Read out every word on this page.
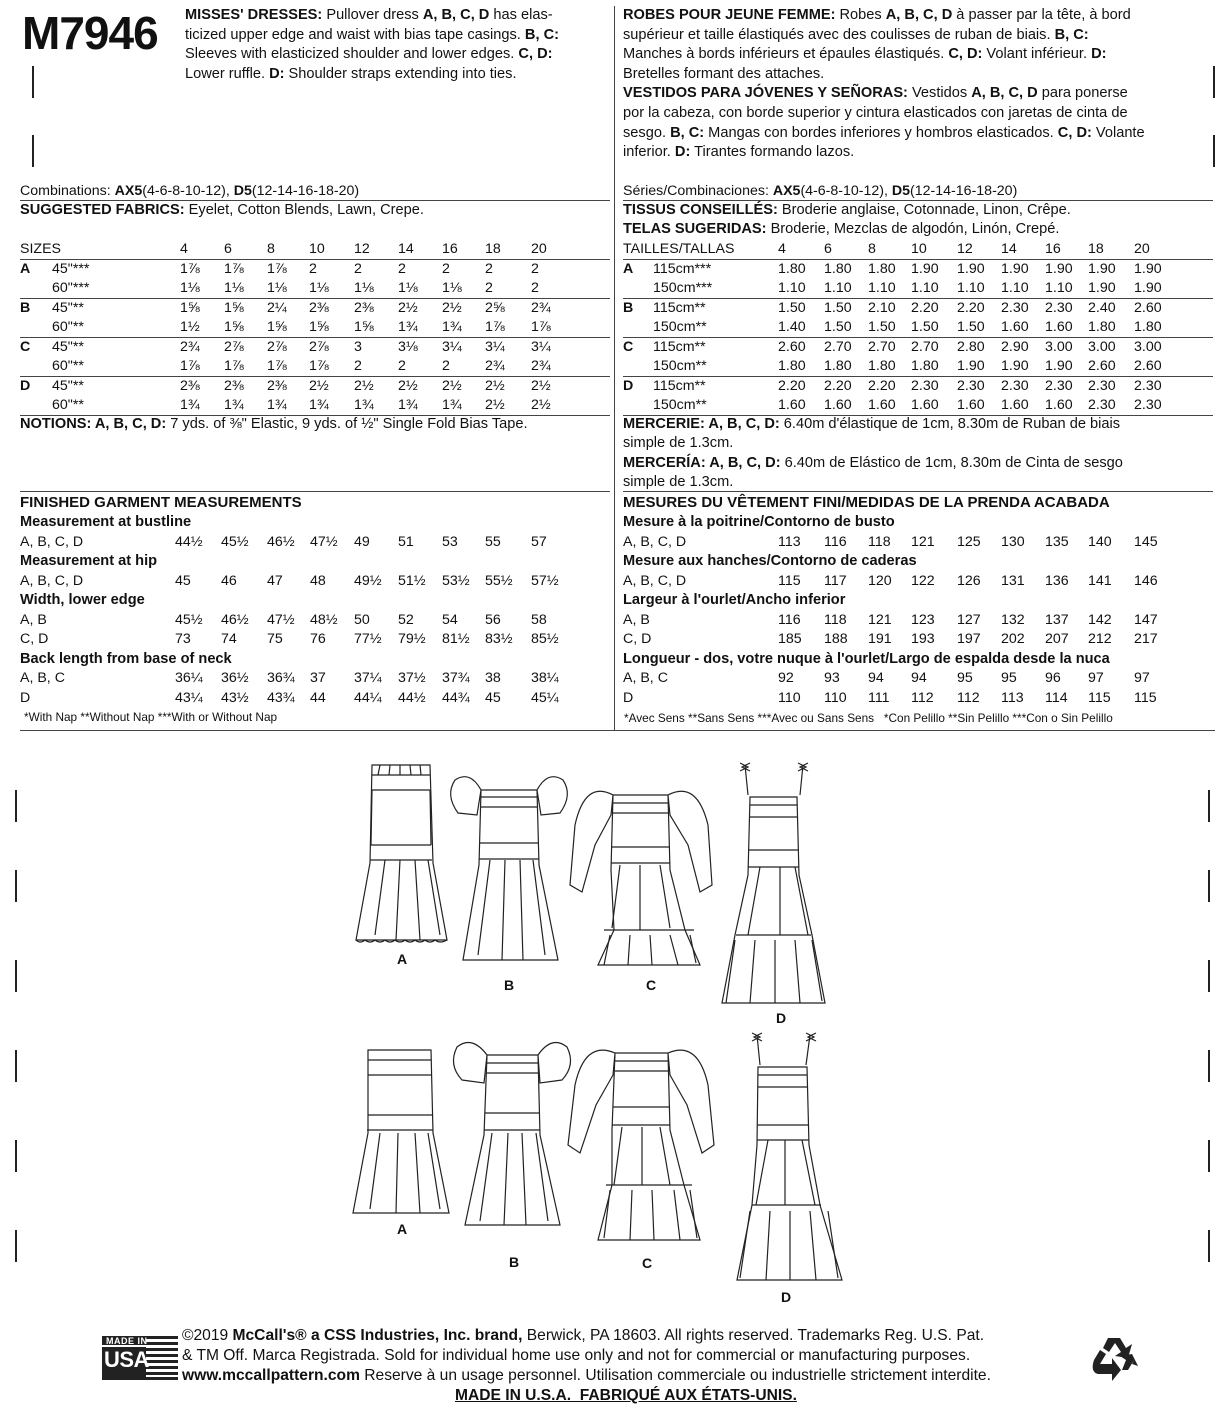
M7946 MISSES' DRESSES: Pullover dress A, B, C, D has elas-
ticized upper edge and waist with bias tape casings. B, C:
Sleeves with elasticized shoulder and lower edges. C, D:
Lower ruffle. D: Shoulder straps extending into ties.
ROBES POUR JEUNE FEMME: Robes A, B, C, D à passer par la tête, à bord
supérieur et taille élastiqués avec des coulisses de ruban de biais. B, C:
Manches à bords inférieurs et épaules élastiqués. C, D: Volant inférieur. D:
Bretelles formant des attaches.
VESTIDOS PARA JÓVENES Y SEÑORAS: Vestidos A, B, C, D para ponerse
por la cabeza, con borde superior y cintura elasticados con jaretas de cinta de
sesgo. B, C: Mangas con bordes inferiores y hombros elasticados. C, D: Volante
inferior. D: Tirantes formando lazos.
Combinations: AX5(4-6-8-10-12), D5(12-14-16-18-20)
SUGGESTED FABRICS: Eyelet, Cotton Blends, Lawn, Crepe.
Séries/Combinaciones: AX5(4-6-8-10-12), D5(12-14-16-18-20)
TISSUS CONSEILLÉS: Broderie anglaise, Cotonnade, Linon, Crêpe.
TELAS SUGERIDAS: Broderie, Mezclas de algodón, Linón, Crepé.
SIZES	4	6 8 10 12 14 16 18 20
A 45"***	1⅞ 1⅞ 1⅞ 2	2	2	2 2	2
60"***	1⅛ 1⅛ 1⅛ 1⅛ 1⅛ 1⅛ 1⅛ 2	2
B 45"**	1⅝ 1⅝ 2¼ 2⅜ 2⅜ 2½ 2½ 2⅝ 2¾
60"**	1½ 1⅝ 1⅝ 1⅝ 1⅝ 1¾ 1¾ 1⅞ 1⅞
C 45"**	2¾ 2⅞ 2⅞ 2⅞ 3	3⅛ 3¼ 3¼ 3¼
60"**	1⅞ 1⅞ 1⅞ 1⅞ 2	2	2 2¾ 2¾
D 45"**	2⅜ 2⅜ 2⅜ 2½ 2½ 2½ 2½ 2½ 2½
60"**	1¾ 1¾ 1¾ 1¾ 1¾ 1¾ 1¾ 2½ 2½
TAILLES/TALLAS	4	6	8 10 12 14 16 18 20
A 115cm***	1.80 1.80 1.80 1.90 1.90 1.90 1.90 1.90 1.90
150cm***	1.10 1.10 1.10 1.10 1.10 1.10 1.10 1.90 1.90
B 115cm**	1.50 1.50 2.10 2.20 2.20 2.30 2.30 2.40 2.60
150cm**	1.40 1.50 1.50 1.50 1.50 1.60 1.60 1.80 1.80
C 115cm**	2.60 2.70 2.70 2.70 2.80 2.90 3.00 3.00 3.00
150cm**	1.80 1.80 1.80 1.80 1.90 1.90 1.90 2.60 2.60
D 115cm**	2.20 2.20 2.20 2.30 2.30 2.30 2.30 2.30 2.30
150cm**	1.60 1.60 1.60 1.60 1.60 1.60 1.60 2.30 2.30
NOTIONS: A, B, C, D: 7 yds. of ⅜" Elastic, 9 yds. of ½" Single Fold Bias Tape.	MERCERIE: A, B, C, D: 6.40m d'élastique de 1cm, 8.30m de Ruban de biais
simple de 1.3cm.
MERCERÍA: A, B, C, D: 6.40m de Elástico de 1cm, 8.30m de Cinta de sesgo
simple de 1.3cm.
FINISHED GARMENT MEASUREMENTS
Measurement at bustline
A, B, C, D	44½ 45½ 46½ 47½ 49 51 53 55 57
Measurement at hip
A, B, C, D	45 46 47 48 49½ 51½ 53½ 55½ 57½
Width, lower edge
A, B	45½ 46½ 47½ 48½ 50 52 54 56 58
C, D	73 74 75 76 77½ 79½ 81½ 83½ 85½
Back length from base of neck
A, B, C	36¼ 36½ 36¾ 37 37¼ 37½ 37¾ 38 38¼
D	43¼ 43½ 43¾ 44 44¼ 44½ 44¾ 45 45¼
MESURES DU VÊTEMENT FINI/MEDIDAS DE LA PRENDA ACABADA
Mesure à la poitrine/Contorno de busto
A, B, C, D	113 116 118 121 125 130 135 140 145
Mesure aux hanches/Contorno de caderas
A, B, C, D	115 117 120 122 126 131 136 141 146
Largeur à l'ourlet/Ancho inferior
A, B	116 118 121 123 127 132 137 142 147
C, D	185 188 191 193 197 202 207 212 217
Longueur - dos, votre nuque à l'ourlet/Largo de espalda desde la nuca
A, B, C	92 93 94 94 95 95 96 97 97
D	110 110 111 112 112 113 114 115 115
*With Nap **Without Nap ***With or Without Nap	*Avec Sens **Sans Sens ***Avec ou Sans Sens   *Con Pelillo **Sin Pelillo ***Con o Sin Pelillo
A
B	C
D
A
B	C
D
MADE IN
USA
©2019 McCall's® a CSS Industries, Inc. brand, Berwick, PA 18603. All rights reserved. Trademarks Reg. U.S. Pat.
& TM Off. Marca Registrada. Sold for individual home use only and not for commercial or manufacturing purposes.
www.mccallpattern.com Reserve à un usage personnel. Utilisation commerciale ou industrielle strictement interdite.
MADE IN U.S.A.  FABRIQUÉ AUX ÉTATS-UNIS.
